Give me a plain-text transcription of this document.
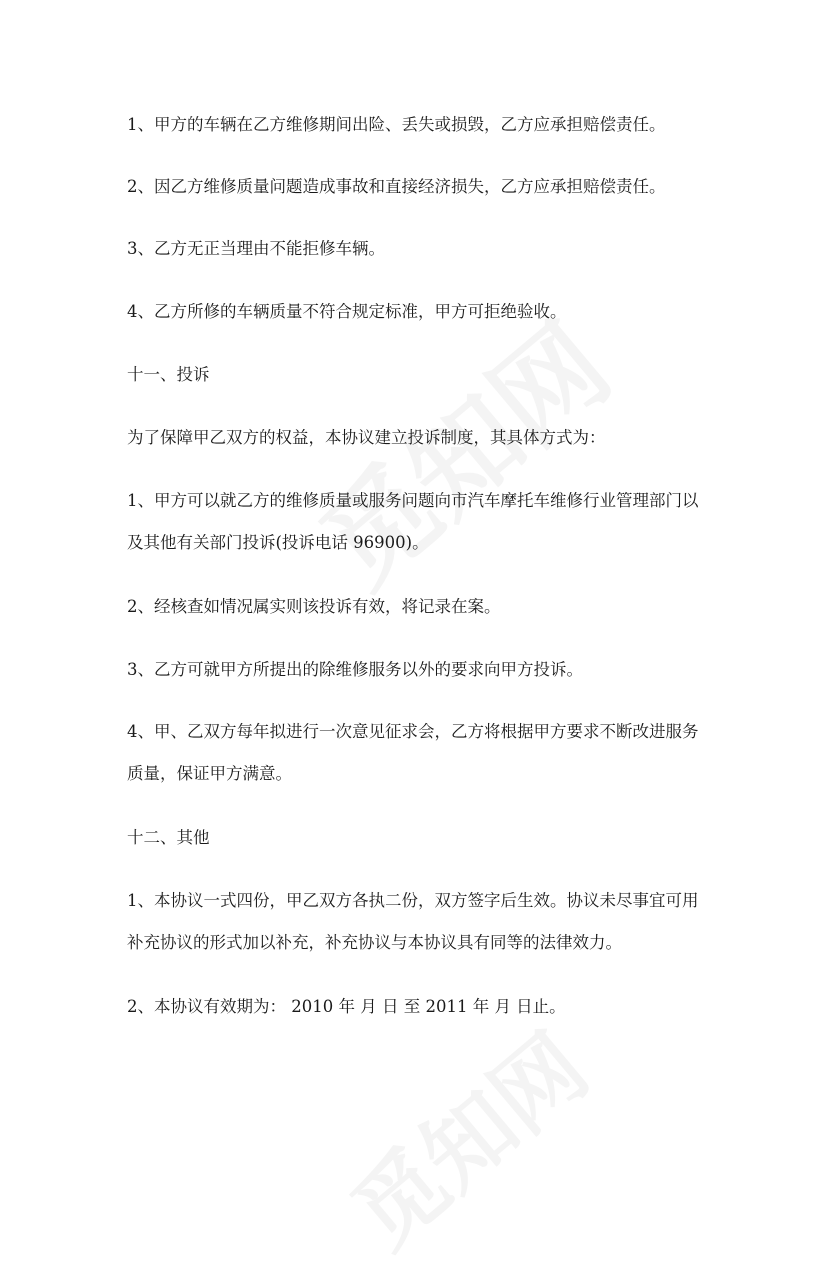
1、甲方的车辆在乙方维修期间出险、丢失或损毁，乙方应承担赔偿责任。

2、因乙方维修质量问题造成事故和直接经济损失，乙方应承担赔偿责任。

3、乙方无正当理由不能拒修车辆。

4、乙方所修的车辆质量不符合规定标准，甲方可拒绝验收。

十一、投诉

为了保障甲乙双方的权益，本协议建立投诉制度，其具体方式为：

1、甲方可以就乙方的维修质量或服务问题向市汽车摩托车维修行业管理部门以及其他有关部门投诉(投诉电话 96900)。

2、经核查如情况属实则该投诉有效，将记录在案。

3、乙方可就甲方所提出的除维修服务以外的要求向甲方投诉。

4、甲、乙双方每年拟进行一次意见征求会，乙方将根据甲方要求不断改进服务质量，保证甲方满意。

十二、其他

1、本协议一式四份，甲乙双方各执二份，双方签字后生效。协议未尽事宜可用补充协议的形式加以补充，补充协议与本协议具有同等的法律效力。

2、本协议有效期为： 2010 年 月 日 至 2011 年 月 日止。
